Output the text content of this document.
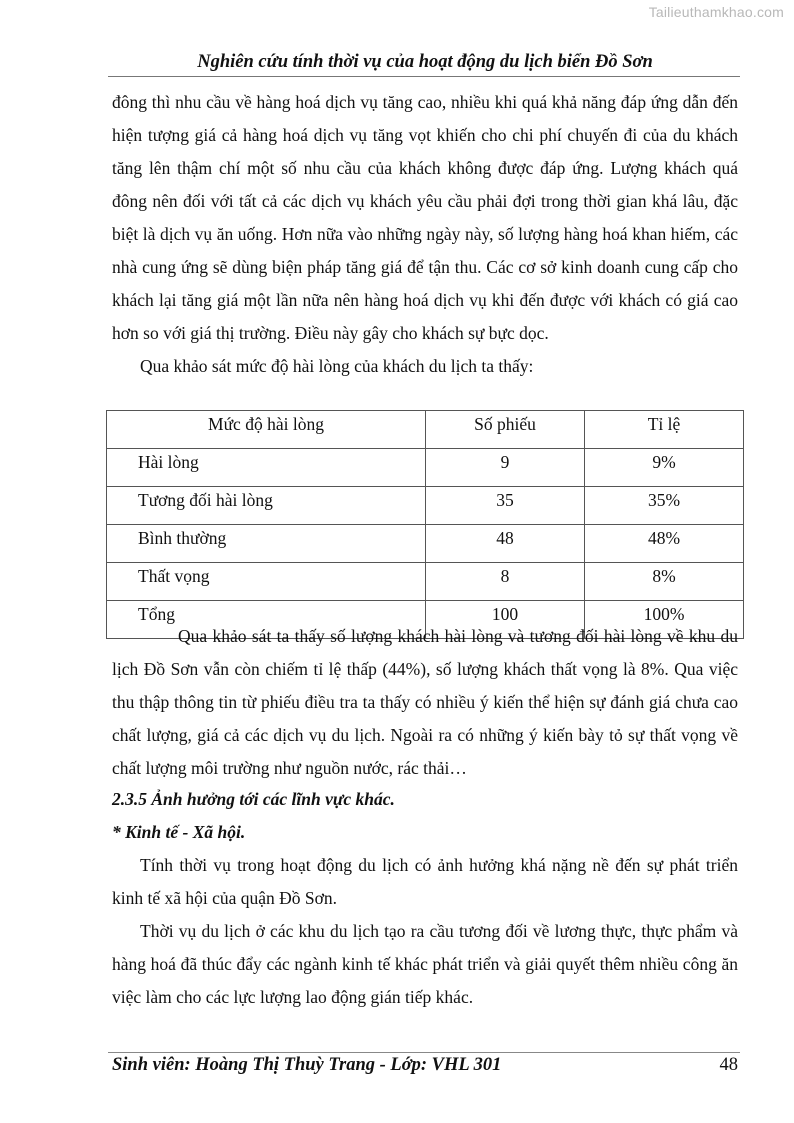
Tailieuthamkhao.com
Nghiên cứu tính thời vụ của hoạt động du lịch biển Đồ Sơn

đông thì nhu cầu về hàng hoá dịch vụ tăng cao, nhiều khi quá khả năng đáp ứng dẫn đến hiện tượng giá cả hàng hoá dịch vụ tăng vọt khiến cho chi phí chuyến đi của du khách tăng lên thậm chí một số nhu cầu của khách không được đáp ứng. Lượng khách quá đông nên đối với tất cả các dịch vụ khách yêu cầu phải đợi trong thời gian khá lâu, đặc biệt là dịch vụ ăn uống. Hơn nữa vào những ngày này, số lượng hàng hoá khan hiếm, các nhà cung ứng sẽ dùng biện pháp tăng giá để tận thu. Các cơ sở kinh doanh cung cấp cho khách lại tăng giá một lần nữa nên hàng hoá dịch vụ khi đến được với khách có giá cao hơn so với giá thị trường. Điều này gây cho khách sự bực dọc.

Qua khảo sát mức độ hài lòng của khách du lịch ta thấy:

Mức độ hài lòng	Số phiếu	Tỉ lệ
Hài lòng	9	9%
Tương đối hài lòng	35	35%
Bình thường	48	48%
Thất vọng	8	8%
Tổng	100	100%

Qua khảo sát ta thấy số lượng khách hài lòng và tương đối hài lòng về khu du lịch Đồ Sơn vẫn còn chiếm tỉ lệ thấp (44%), số lượng khách thất vọng là 8%. Qua việc thu thập thông tin từ phiếu điều tra ta thấy có nhiều ý kiến thể hiện sự đánh giá chưa cao chất lượng, giá cả các dịch vụ du lịch. Ngoài ra có những ý kiến bày tỏ sự thất vọng về chất lượng môi trường như nguồn nước, rác thải…

2.3.5 Ảnh hưởng tới các lĩnh vực khác.

* Kinh tế - Xã hội.

Tính thời vụ trong hoạt động du lịch có ảnh hưởng khá nặng nề đến sự phát triển kinh tế xã hội của quận Đồ Sơn.

Thời vụ du lịch ở các khu du lịch tạo ra cầu tương đối về lương thực, thực phẩm và hàng hoá đã thúc đẩy các ngành kinh tế khác phát triển và giải quyết thêm nhiều công ăn việc làm cho các lực lượng lao động gián tiếp khác.

Sinh viên: Hoàng Thị Thuỳ Trang - Lớp: VHL 301	48
